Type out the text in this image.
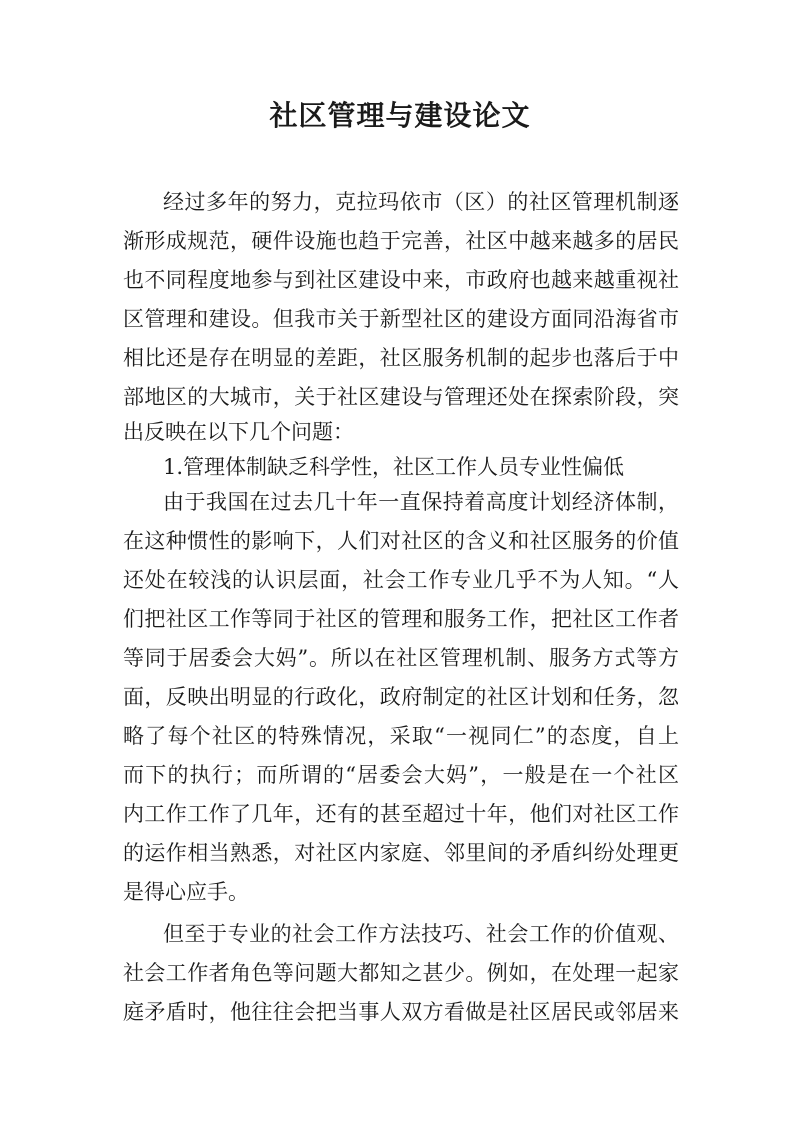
社区管理与建设论文

经过多年的努力，克拉玛依市（区）的社区管理机制逐

渐形成规范，硬件设施也趋于完善，社区中越来越多的居民

也不同程度地参与到社区建设中来，市政府也越来越重视社

区管理和建设。但我市关于新型社区的建设方面同沿海省市

相比还是存在明显的差距，社区服务机制的起步也落后于中

部地区的大城市，关于社区建设与管理还处在探索阶段，突

出反映在以下几个问题：

1.管理体制缺乏科学性，社区工作人员专业性偏低

由于我国在过去几十年一直保持着高度计划经济体制，

在这种惯性的影响下，人们对社区的含义和社区服务的价值

还处在较浅的认识层面，社会工作专业几乎不为人知。“人

们把社区工作等同于社区的管理和服务工作，把社区工作者

等同于居委会大妈”。所以在社区管理机制、服务方式等方

面，反映出明显的行政化，政府制定的社区计划和任务，忽

略了每个社区的特殊情况，采取“一视同仁”的态度，自上

而下的执行；而所谓的“居委会大妈”，一般是在一个社区

内工作工作了几年，还有的甚至超过十年，他们对社区工作

的运作相当熟悉，对社区内家庭、邻里间的矛盾纠纷处理更

是得心应手。

但至于专业的社会工作方法技巧、社会工作的价值观、

社会工作者角色等问题大都知之甚少。例如，在处理一起家

庭矛盾时，他往往会把当事人双方看做是社区居民或邻居来
